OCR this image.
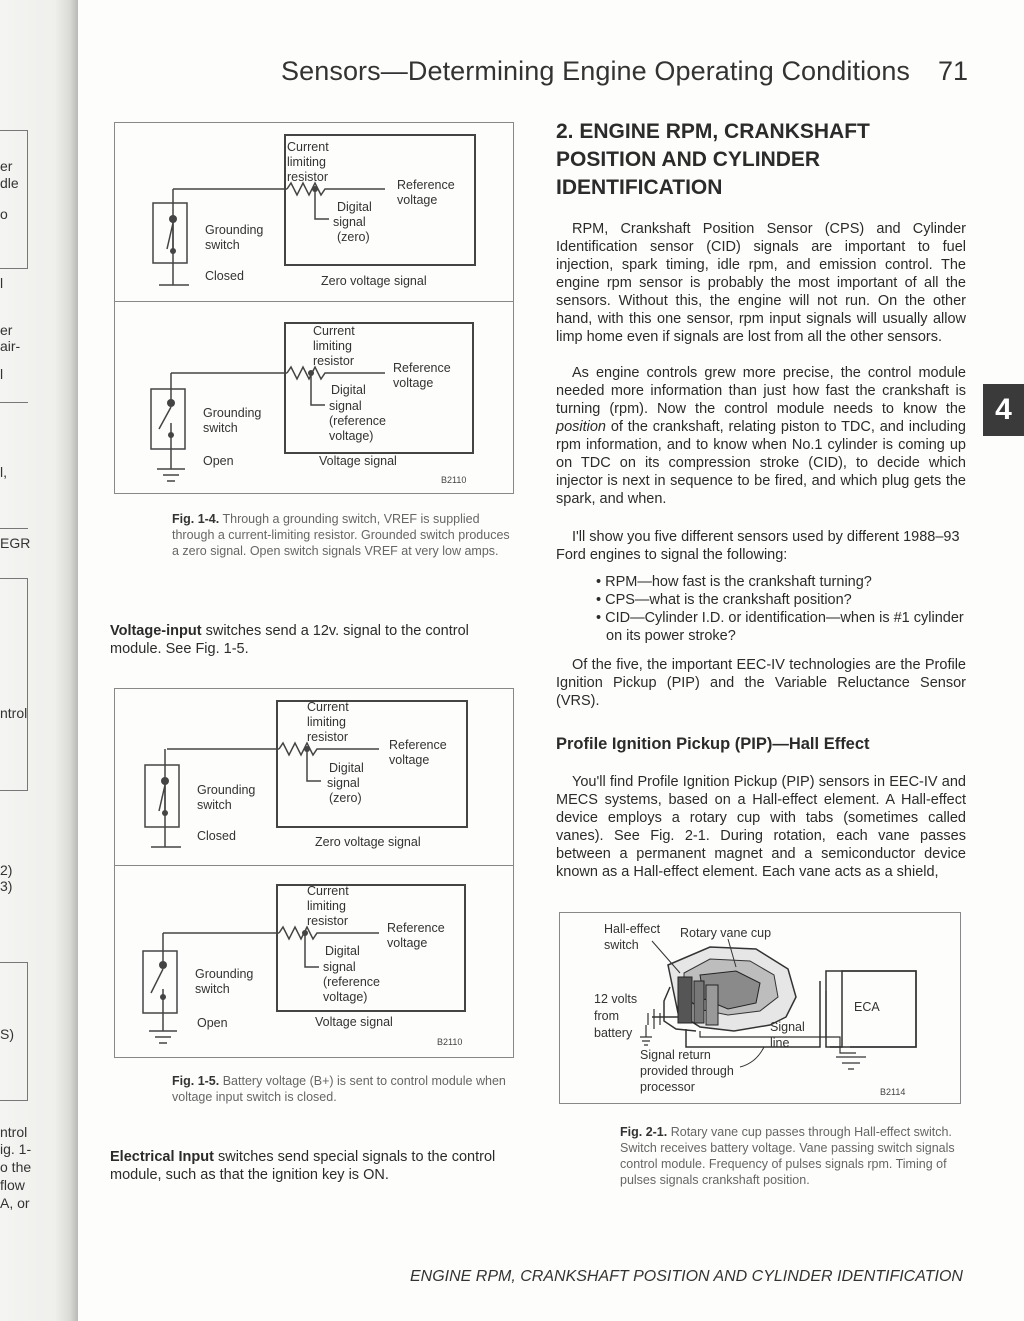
er
dle
o
l
er
air-
l
l,
EGR
ntrol
2)
3)
S)
ntrol
ig. 1-
o the
flow
A, or
Sensors—Determining Engine Operating Conditions 71
Current
limiting
resistor
Reference
voltage
Digital
signal
(zero)
Grounding
switch
Closed	Zero voltage signal
Current
limiting
resistor	Reference
voltage
Digital
signal
(reference
voltage)
Grounding
switch
Open	Voltage signal
B2110
Fig. 1-4. Through a grounding switch, VREF is supplied through a current-limiting resistor. Grounded switch produces a zero signal. Open switch signals VREF at very low amps.
Voltage-input switches send a 12v. signal to the control module. See Fig. 1-5.
Current
limiting
resistor
Reference
voltage
Digital
signal
(zero)
Grounding
switch
Closed	Zero voltage signal
Current
limiting
resistor	Reference
voltage
Digital
signal
(reference
voltage)
Grounding
switch
Open	Voltage signal
B2110
Fig. 1-5. Battery voltage (B+) is sent to control module when voltage input switch is closed.
Electrical Input switches send special signals to the control module, such as that the ignition key is ON.
2. ENGINE RPM, CRANKSHAFT
POSITION AND CYLINDER
IDENTIFICATION
RPM, Crankshaft Position Sensor (CPS) and Cylinder Identification sensor (CID) signals are important to fuel injection, spark timing, idle rpm, and emission control. The engine rpm sensor is probably the most important of all the sensors. Without this, the engine will not run. On the other hand, with this one sensor, rpm input signals will usually allow limp home even if signals are lost from all the other sensors.
As engine controls grew more precise, the control module needed more information than just how fast the crankshaft is turning (rpm). Now the control module needs to know the position of the crankshaft, relating piston to TDC, and including rpm information, and to know when No.1 cylinder is coming up on TDC on its compression stroke (CID), to decide which injector is next in sequence to be fired, and which plug gets the spark, and when.
4
I'll show you five different sensors used by different 1988–93 Ford engines to signal the following:
• RPM—how fast is the crankshaft turning?
• CPS—what is the crankshaft position?
• CID—Cylinder I.D. or identification—when is #1 cylinder on its power stroke?
Of the five, the important EEC-IV technologies are the Profile Ignition Pickup (PIP) and the Variable Reluctance Sensor (VRS).
Profile Ignition Pickup (PIP)—Hall Effect
You'll find Profile Ignition Pickup (PIP) sensors in EEC-IV and MECS systems, based on a Hall-effect element. A Hall-effect device employs a rotary cup with tabs (sometimes called vanes). See Fig. 2-1. During rotation, each vane passes between a permanent magnet and a semiconductor device known as a Hall-effect element. Each vane acts as a shield,
Hall-effect
switch
Rotary vane cup
12 volts
from
battery
ECA
Signal
line
Signal return
provided through
processor	B2114
Fig. 2-1. Rotary vane cup passes through Hall-effect switch. Switch receives battery voltage. Vane passing switch signals control module. Frequency of pulses signals rpm. Timing of pulses signals crankshaft position.
ENGINE RPM, CRANKSHAFT POSITION AND CYLINDER IDENTIFICATION
